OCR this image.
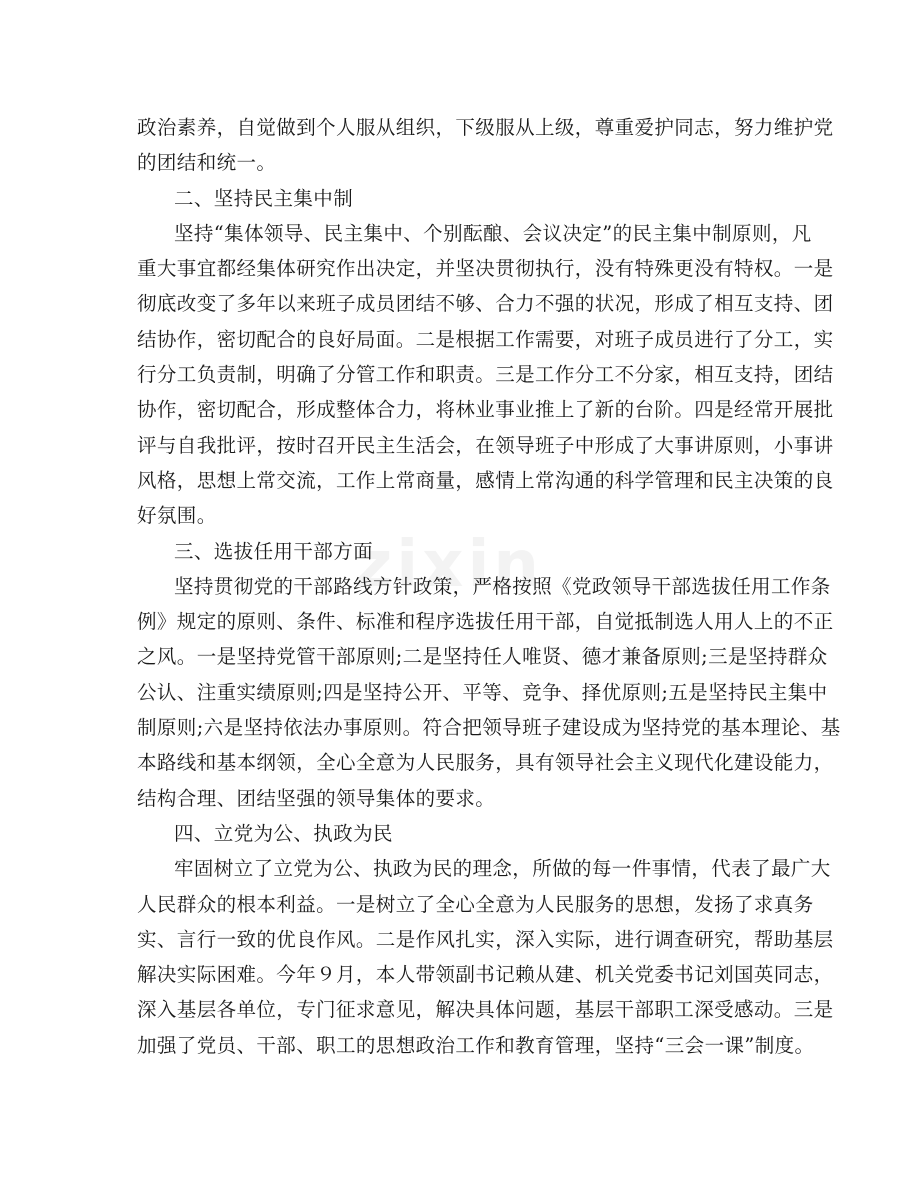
政治素养，自觉做到个人服从组织，下级服从上级，尊重爱护同志，努力维护党
的团结和统一。
二、坚持民主集中制
坚持“集体领导、民主集中、个别酝酿、会议决定”的民主集中制原则，凡
重大事宜都经集体研究作出决定，并坚决贯彻执行，没有特殊更没有特权。一是
彻底改变了多年以来班子成员团结不够、合力不强的状况，形成了相互支持、团
结协作，密切配合的良好局面。二是根据工作需要，对班子成员进行了分工，实
行分工负责制，明确了分管工作和职责。三是工作分工不分家，相互支持，团结
协作，密切配合，形成整体合力，将林业事业推上了新的台阶。四是经常开展批
评与自我批评，按时召开民主生活会，在领导班子中形成了大事讲原则，小事讲
风格，思想上常交流，工作上常商量，感情上常沟通的科学管理和民主决策的良
好氛围。
三、选拔任用干部方面
坚持贯彻党的干部路线方针政策，严格按照《党政领导干部选拔任用工作条
例》规定的原则、条件、标准和程序选拔任用干部，自觉抵制选人用人上的不正
之风。一是坚持党管干部原则;二是坚持任人唯贤、德才兼备原则;三是坚持群众
公认、注重实绩原则;四是坚持公开、平等、竞争、择优原则;五是坚持民主集中
制原则;六是坚持依法办事原则。符合把领导班子建设成为坚持党的基本理论、基
本路线和基本纲领，全心全意为人民服务，具有领导社会主义现代化建设能力，
结构合理、团结坚强的领导集体的要求。
四、立党为公、执政为民
牢固树立了立党为公、执政为民的理念，所做的每一件事情，代表了最广大
人民群众的根本利益。一是树立了全心全意为人民服务的思想，发扬了求真务
实、言行一致的优良作风。二是作风扎实，深入实际，进行调查研究，帮助基层
解决实际困难。今年９月，本人带领副书记赖从建、机关党委书记刘国英同志，
深入基层各单位，专门征求意见，解决具体问题，基层干部职工深受感动。三是
加强了党员、干部、职工的思想政治工作和教育管理，坚持“三会一课”制度。
